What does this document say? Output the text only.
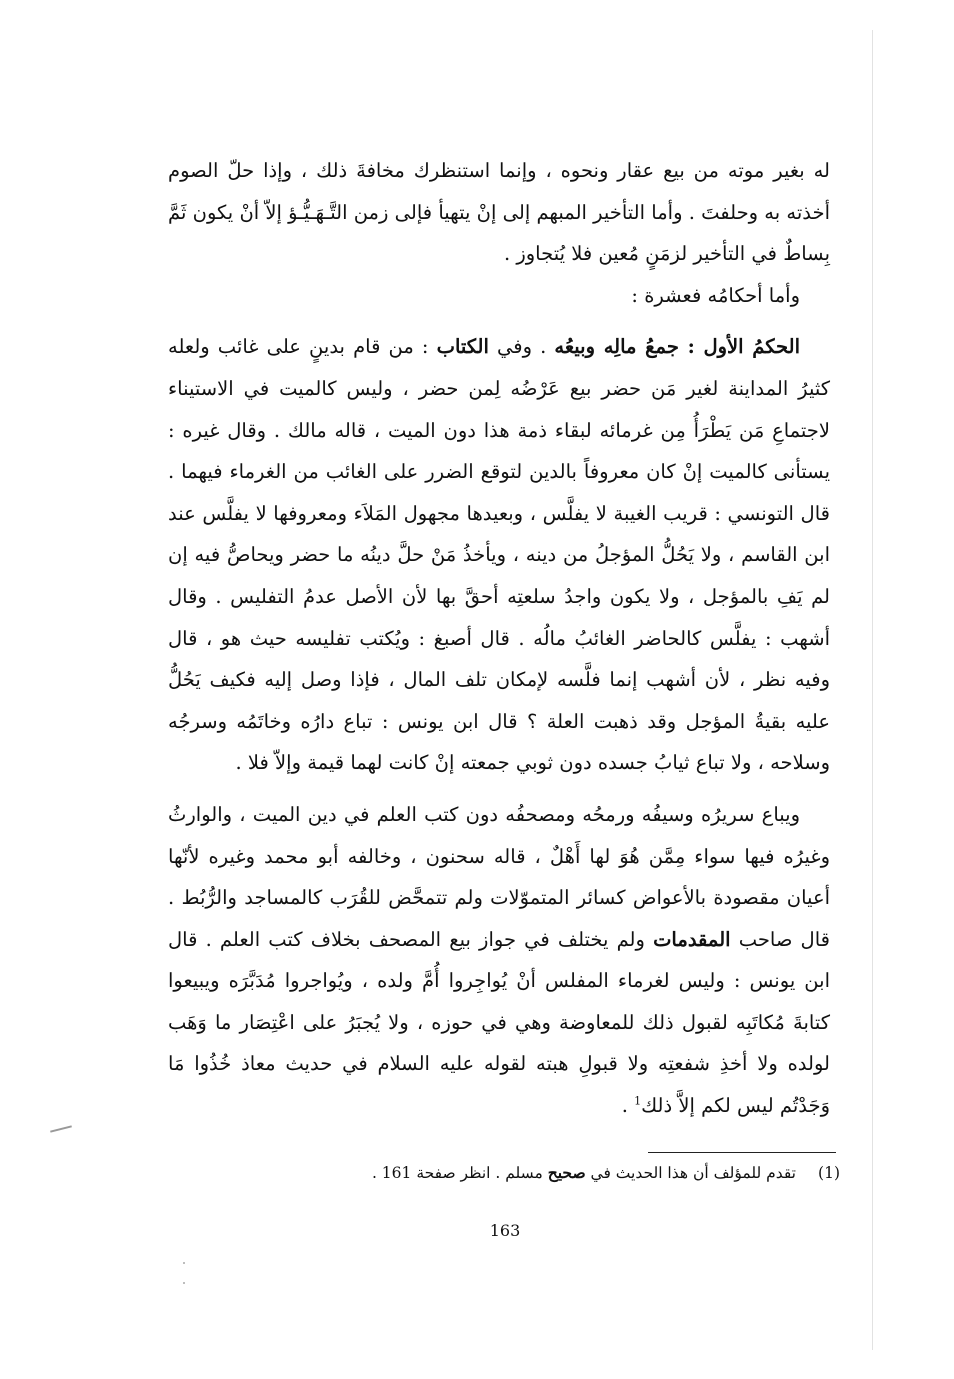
له بغير موته من بيع عقار ونحوه ، وإنما استنظرك مخافةَ ذلك ، وإذا حلّ الصوم أخذته به وحلفتَ . وأما التأخير المبهم إلى إنْ يتهيأ فإلى زمن التَّـهَـيُّـؤ إلاّ أنْ يكون ثَمَّ بِساطٌ في التأخير لزمَنٍ مُعين فلا يُتجاوز .

وأما أحكامُه فعشرة :

الحكمُ الأول : جمعُ مالِه وبيعُه . وفي الكتاب : من قام بدينٍ على غائب ولعله كثيرُ المداينة لغير مَن حضر بيع عَرْضُه لِمن حضر ، وليس كالميت في الاستيناء لاجتماعِ مَن يَطْرَأُ مِن غرمائه لبقاء ذمة هذا دون الميت ، قاله مالك . وقال غيره : يستأنى كالميت إنْ كان معروفاً بالدين لتوقع الضرر على الغائب من الغرماء فيهما . قال التونسي : قريب الغيبة لا يفلَّس ، وبعيدها مجهول المَلاَء ومعروفها لا يفلَّس عند ابن القاسم ، ولا يَحُلُّ المؤجلُ من دينه ، ويأخذُ مَنْ حلَّ دينُه ما حضر ويحاصُّ فيه إن لم يَفِ بالمؤجل ، ولا يكون واجدُ سلعتِه أحقَّ بها لأن الأصل عدمُ التفليس . وقال أشهب : يفلَّس كالحاضر الغائبُ مالُه . قال أصبغ : ويُكتب تفليسه حيث هو ، قال وفيه نظر ، لأن أشهب إنما فلَّسه لإمكان تلف المال ، فإذا وصل إليه فكيف يَحُلُّ عليه بقيةُ المؤجل وقد ذهبت العلة ؟ قال ابن يونس : تباع دارُه وخاتَمُه وسرجُه وسلاحه ، ولا تباع ثيابُ جسده دون ثوبي جمعته إنْ كانت لهما قيمة وإلاّ فلا .

ويباع سريرُه وسيفُه ورمحُه ومصحفُه دون كتب العلم في دين الميت ، والوارثُ وغيرُه فيها سواء مِمَّن هُوَ لها أَهْلٌ ، قاله سحنون ، وخالفه أبو محمد وغيره لأنّها أعيان مقصودة بالأعواض كسائر المتموّلات ولم تتمحَّض للقُرَب كالمساجد والرُّبُط . قال صاحب المقدمات ولم يختلف في جواز بيع المصحف بخلاف كتب العلم . قال ابن يونس : وليس لغرماء المفلس أنْ يُواجِروا أُمَّ ولده ، ويُواجروا مُدَبَّرَه ويبيعوا كتابةَ مُكاتَبِه لقبول ذلك للمعاوضة وهي في حوزه ، ولا يُجبَرُ على اعْتِصَار ما وَهَب لولده ولا أخذِ شفعتِه ولا قبولِ هبته لقوله عليه السلام في حديث معاذ خُذُوا مَا وَجَدْتُم ليس لكم إلاَّ ذلك$^1$ .

(1)تقدم للمؤلف أن هذا الحديث في صحيح مسلم . انظر صفحة 161 .
163
